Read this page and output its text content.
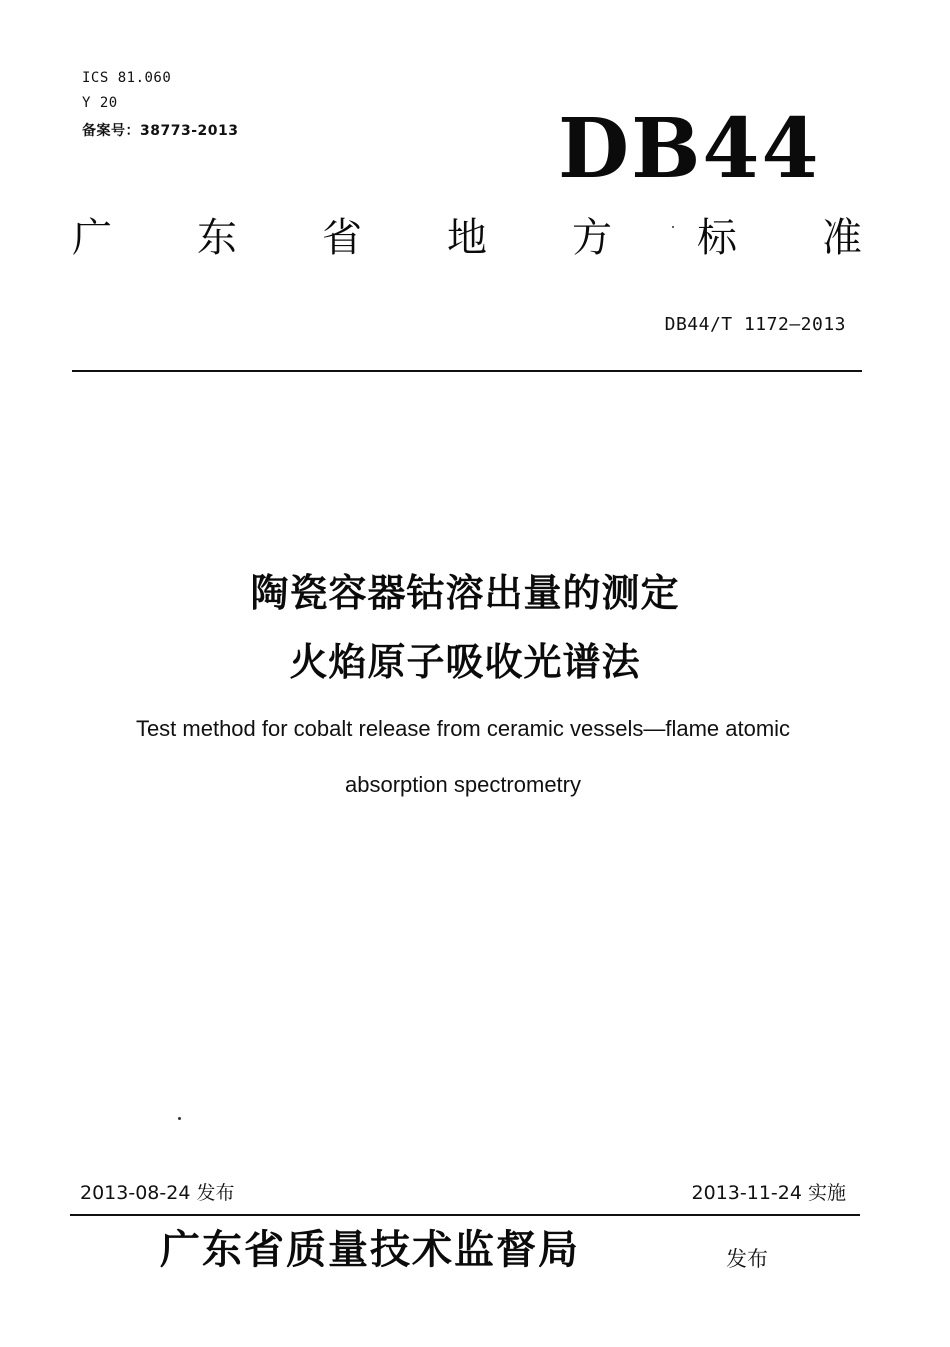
ICS 81.060
Y 20
备案号：38773-2013	DB44
广 东 省 地 方 标 准
DB44/T 1172—2013
陶瓷容器钴溶出量的测定
火焰原子吸收光谱法
Test method for cobalt release from ceramic vessels—flame atomic
absorption spectrometry
2013-08-24 发布	2013-11-24 实施
广东省质量技术监督局	发布
